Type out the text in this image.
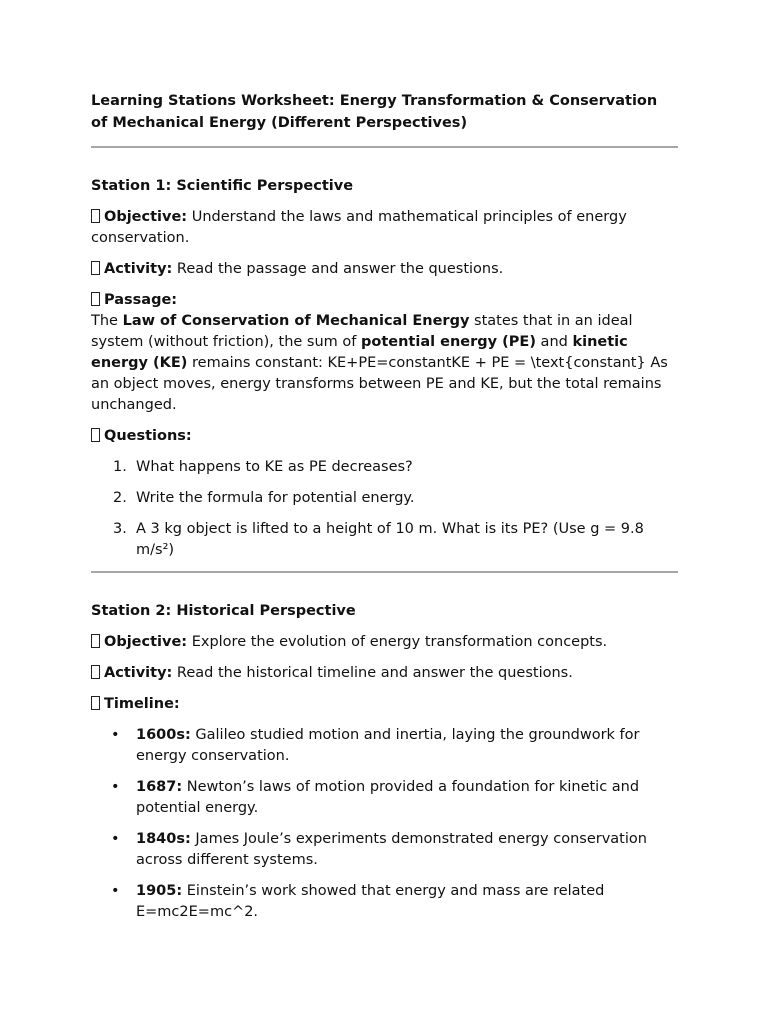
Learning Stations Worksheet: Energy Transformation & Conservation of Mechanical Energy (Different Perspectives)

Station 1: Scientific Perspective

Objective: Understand the laws and mathematical principles of energy conservation.

Activity: Read the passage and answer the questions.

Passage:
The Law of Conservation of Mechanical Energy states that in an ideal system (without friction), the sum of potential energy (PE) and kinetic energy (KE) remains constant: KE+PE=constantKE + PE = \text{constant} As an object moves, energy transforms between PE and KE, but the total remains unchanged.

Questions:

1. What happens to KE as PE decreases?
2. Write the formula for potential energy.
3. A 3 kg object is lifted to a height of 10 m. What is its PE? (Use g = 9.8 m/s²)

Station 2: Historical Perspective

Objective: Explore the evolution of energy transformation concepts.

Activity: Read the historical timeline and answer the questions.

Timeline:

• 1600s: Galileo studied motion and inertia, laying the groundwork for energy conservation.
• 1687: Newton’s laws of motion provided a foundation for kinetic and potential energy.
• 1840s: James Joule’s experiments demonstrated energy conservation across different systems.
• 1905: Einstein’s work showed that energy and mass are related E=mc2E=mc^2.
